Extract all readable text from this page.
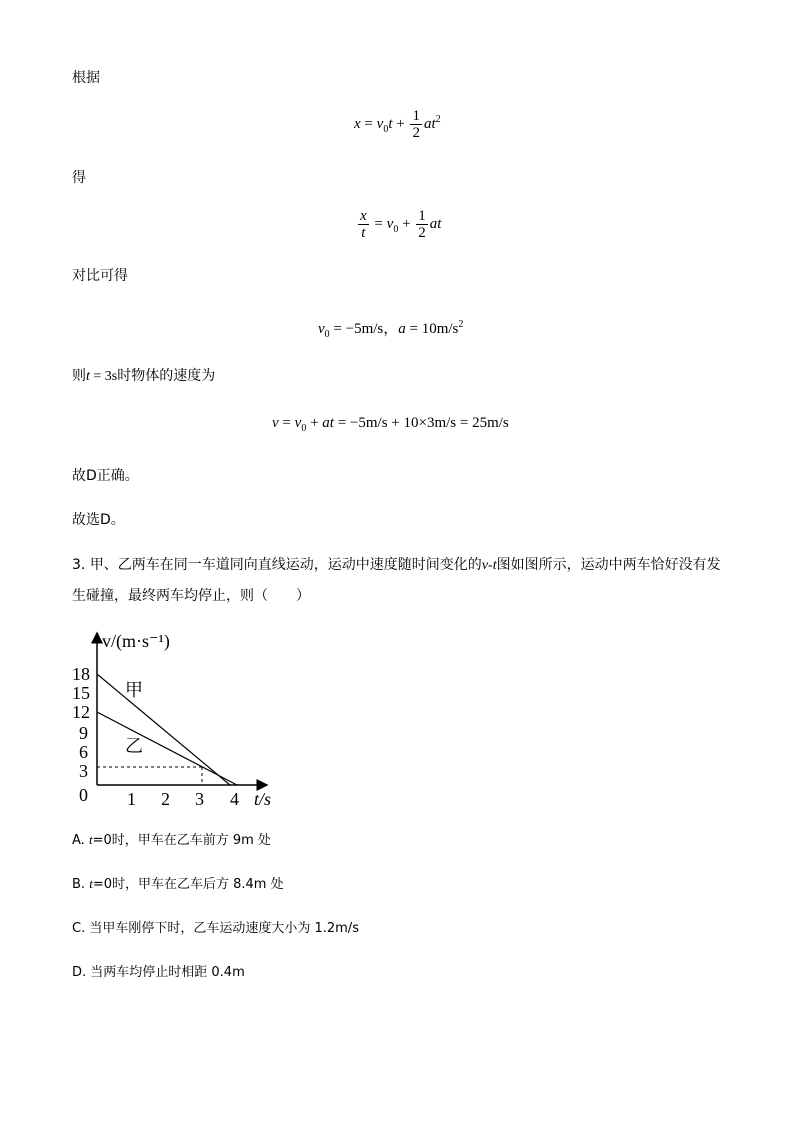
根据
$x = v_0t + \frac{1}{2} at^2$
得
$\frac{x}{t} = v_0 + \frac{1}{2}$ at
对比可得
$v_0 = -5m/s$，$a = 10m/s^2$
则t = 3s时物体的速度为
$v = v_0$ + at = −5m/s + 10×3m/s = 25m/s
故D正确。
故选D。
3. 甲、乙两车在同一车道同向直线运动，运动中速度随时间变化的v-t图如图所示，运动中两车恰好没有发生碰撞，最终两车均停止，则（　　）
v/(m·s⁻¹)
t/s
18
15
12
9
6
3
0 1 2 3 4
甲
乙
A. t=0时，甲车在乙车前方 9m 处
B. t=0时，甲车在乙车后方 8.4m 处
C. 当甲车刚停下时，乙车运动速度大小为 1.2m/s
D. 当两车均停止时相距 0.4m
